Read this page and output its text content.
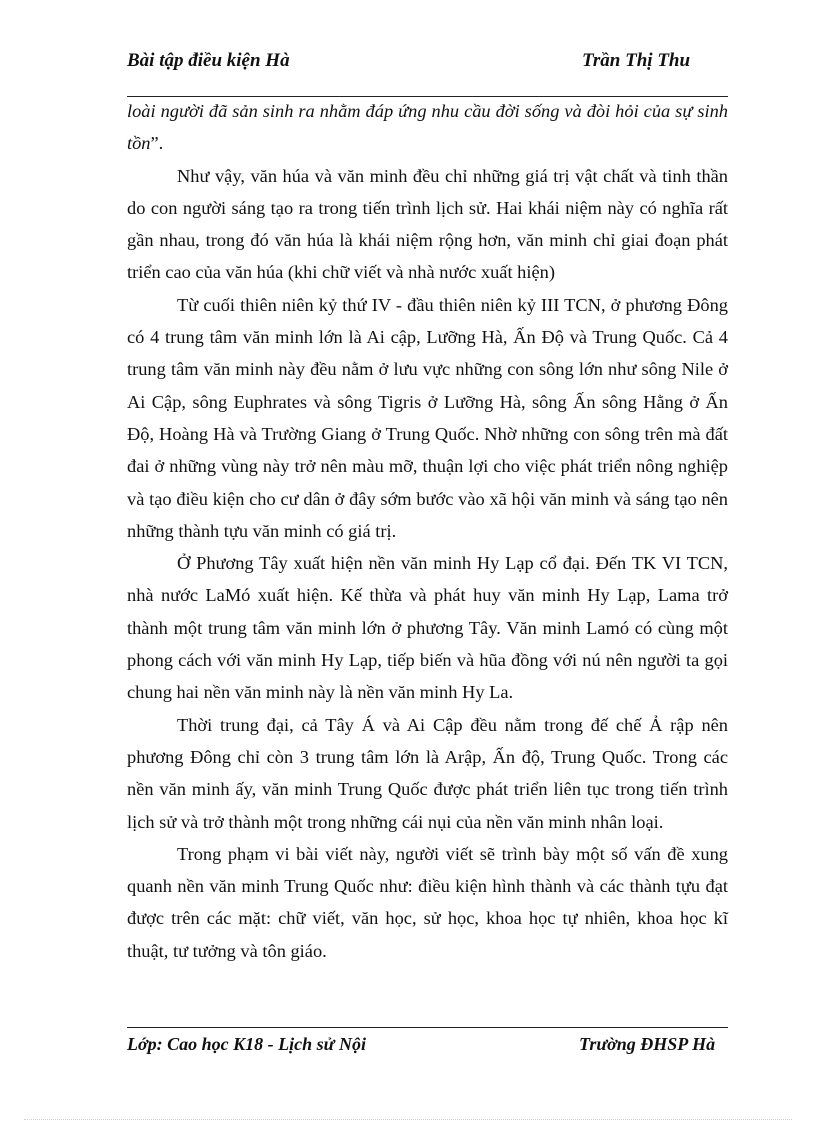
Bài tập điều kiện Hà	Trần Thị Thu

loài người đã sản sinh ra nhằm đáp ứng nhu cầu đời sống và đòi hỏi của sự sinh tồn”.

Như vậy, văn húa và văn minh đều chỉ những giá trị vật chất và tinh thần do con người sáng tạo ra trong tiến trình lịch sử. Hai khái niệm này có nghĩa rất gần nhau, trong đó văn húa là khái niệm rộng hơn, văn minh chỉ giai đoạn phát triển cao của văn húa (khi chữ viết và nhà nước xuất hiện)

Từ cuối thiên niên kỷ thứ IV - đầu thiên niên kỷ III TCN, ở phương Đông có 4 trung tâm văn minh lớn là Ai cập, Lưỡng Hà, Ấn Độ và Trung Quốc. Cả 4 trung tâm văn minh này đều nằm ở lưu vực những con sông lớn như sông Nile ở Ai Cập, sông Euphrates và sông Tigris ở Lưỡng Hà, sông Ấn sông Hằng ở Ấn Độ, Hoàng Hà và Trường Giang ở Trung Quốc. Nhờ những con sông trên mà đất đai ở những vùng này trở nên màu mỡ, thuận lợi cho việc phát triển nông nghiệp và tạo điều kiện cho cư dân ở đây sớm bước vào xã hội văn minh và sáng tạo nên những thành tựu văn minh có giá trị.

Ở Phương Tây xuất hiện nền văn minh Hy Lạp cổ đại. Đến TK VI TCN, nhà nước LaMó xuất hiện. Kế thừa và phát huy văn minh Hy Lạp, Lama trở thành một trung tâm văn minh lớn ở phương Tây. Văn minh Lamó có cùng một phong cách với văn minh Hy Lạp, tiếp biến và hũa đồng với nú nên người ta gọi chung hai nền văn minh này là nền văn minh Hy La.

Thời trung đại, cả Tây Á và Ai Cập đều nằm trong đế chế Ả rập nên phương Đông chỉ còn 3 trung tâm lớn là Arập, Ấn độ, Trung Quốc. Trong các nền văn minh ấy, văn minh Trung Quốc được phát triển liên tục trong tiến trình lịch sử và trở thành một trong những cái nụi của nền văn minh nhân loại.

Trong phạm vi bài viết này, người viết sẽ trình bày một số vấn đề xung quanh nền văn minh Trung Quốc như: điều kiện hình thành và các thành tựu đạt được trên các mặt: chữ viết, văn học, sử học, khoa học tự nhiên, khoa học kĩ thuật, tư tưởng và tôn giáo.

Lớp: Cao học K18 - Lịch sử Nội	Trường ĐHSP Hà
